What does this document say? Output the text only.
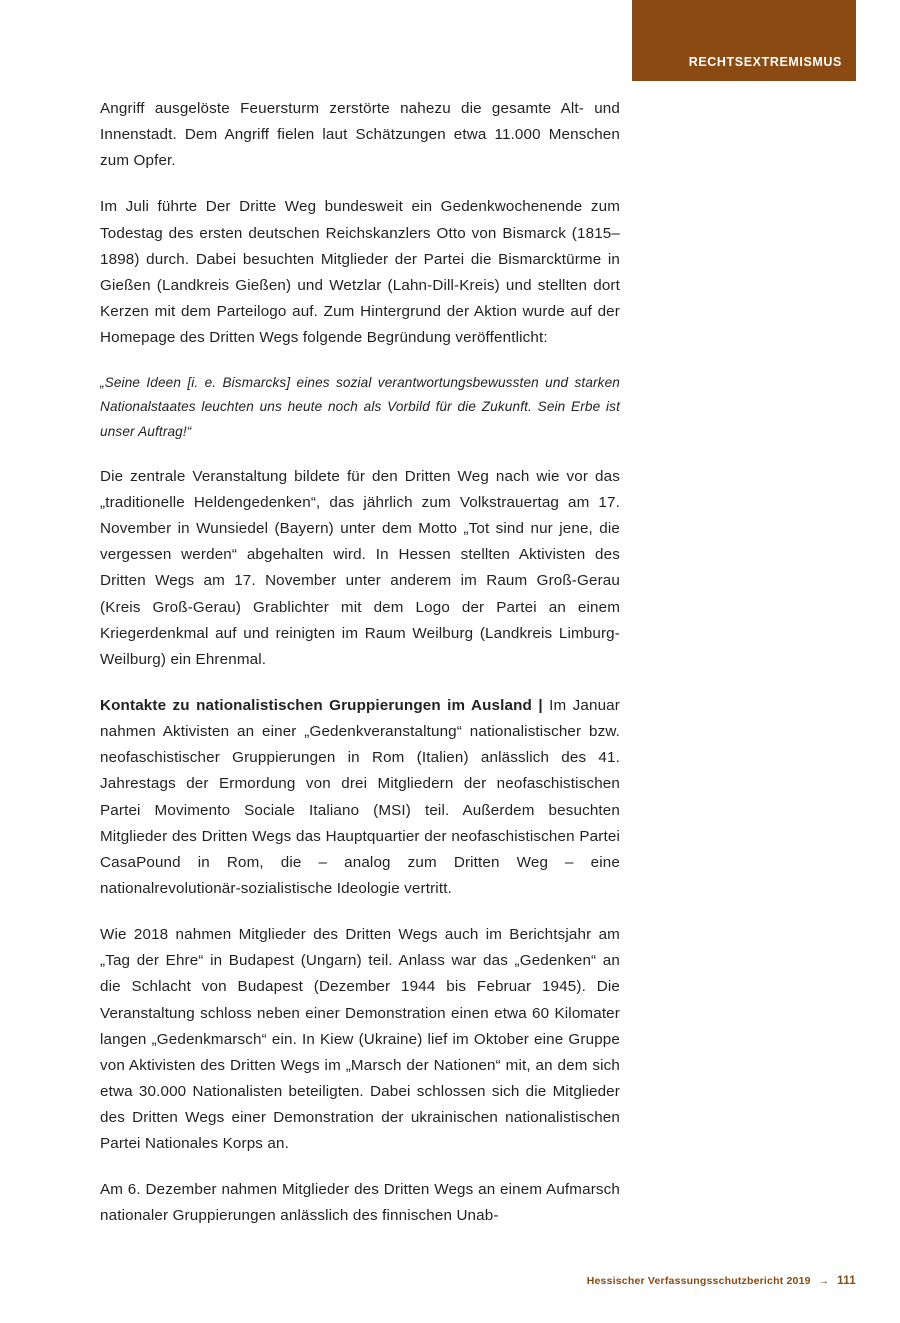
RECHTSEXTREMISMUS

Angriff ausgelöste Feuersturm zerstörte nahezu die gesamte Alt- und Innenstadt. Dem Angriff fielen laut Schätzungen etwa 11.000 Menschen zum Opfer.

Im Juli führte Der Dritte Weg bundesweit ein Gedenkwochenende zum Todestag des ersten deutschen Reichskanzlers Otto von Bismarck (1815–1898) durch. Dabei besuchten Mitglieder der Partei die Bismarcktürme in Gießen (Landkreis Gießen) und Wetzlar (Lahn-Dill-Kreis) und stellten dort Kerzen mit dem Parteilogo auf. Zum Hintergrund der Aktion wurde auf der Homepage des Dritten Wegs folgende Begründung veröffentlicht:

„Seine Ideen [i. e. Bismarcks] eines sozial verantwortungsbewussten und starken Nationalstaates leuchten uns heute noch als Vorbild für die Zukunft. Sein Erbe ist unser Auftrag!“

Die zentrale Veranstaltung bildete für den Dritten Weg nach wie vor das „traditionelle Heldengedenken“, das jährlich zum Volkstrauertag am 17. November in Wunsiedel (Bayern) unter dem Motto „Tot sind nur jene, die vergessen werden“ abgehalten wird. In Hessen stellten Aktivisten des Dritten Wegs am 17. November unter anderem im Raum Groß-Gerau (Kreis Groß-Gerau) Grablichter mit dem Logo der Partei an einem Kriegerdenkmal auf und reinigten im Raum Weilburg (Landkreis Limburg-Weilburg) ein Ehrenmal.

Kontakte zu nationalistischen Gruppierungen im Ausland | Im Januar nahmen Aktivisten an einer „Gedenkveranstaltung“ nationalistischer bzw. neofaschistischer Gruppierungen in Rom (Italien) anlässlich des 41. Jahrestags der Ermordung von drei Mitgliedern der neofaschistischen Partei Movimento Sociale Italiano (MSI) teil. Außerdem besuchten Mitglieder des Dritten Wegs das Hauptquartier der neofaschistischen Partei CasaPound in Rom, die – analog zum Dritten Weg – eine nationalrevolutionär-sozialistische Ideologie vertritt.

Wie 2018 nahmen Mitglieder des Dritten Wegs auch im Berichtsjahr am „Tag der Ehre“ in Budapest (Ungarn) teil. Anlass war das „Gedenken“ an die Schlacht von Budapest (Dezember 1944 bis Februar 1945). Die Veranstaltung schloss neben einer Demonstration einen etwa 60 Kilomater langen „Gedenkmarsch“ ein. In Kiew (Ukraine) lief im Oktober eine Gruppe von Aktivisten des Dritten Wegs im „Marsch der Nationen“ mit, an dem sich etwa 30.000 Nationalisten beteiligten. Dabei schlossen sich die Mitglieder des Dritten Wegs einer Demonstration der ukrainischen nationalistischen Partei Nationales Korps an.

Am 6. Dezember nahmen Mitglieder des Dritten Wegs an einem Aufmarsch nationaler Gruppierungen anlässlich des finnischen Unab-

Hessischer Verfassungsschutzbericht 2019 → 111
